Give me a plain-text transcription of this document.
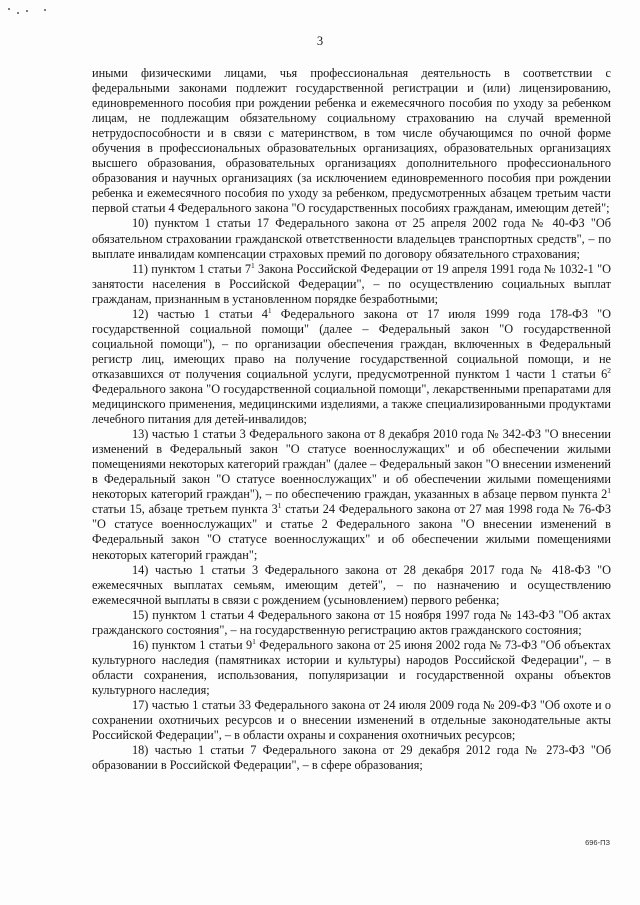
3

иными физическими лицами, чья профессиональная деятельность в соответствии с федеральными законами подлежит государственной регистрации и (или) лицензированию, единовременного пособия при рождении ребенка и ежемесячного пособия по уходу за ребенком лицам, не подлежащим обязательному социальному страхованию на случай временной нетрудоспособности и в связи с материнством, в том числе обучающимся по очной форме обучения в профессиональных образовательных организациях, образовательных организациях высшего образования, образовательных организациях дополнительного профессионального образования и научных организациях (за исключением единовременного пособия при рождении ребенка и ежемесячного пособия по уходу за ребенком, предусмотренных абзацем третьим части первой статьи 4 Федерального закона "О государственных пособиях гражданам, имеющим детей";

10) пунктом 1 статьи 17 Федерального закона от 25 апреля 2002 года № 40-ФЗ "Об обязательном страховании гражданской ответственности владельцев транспортных средств", – по выплате инвалидам компенсации страховых премий по договору обязательного страхования;

11) пунктом 1 статьи $7^1$ Закона Российской Федерации от 19 апреля 1991 года № 1032-1 "О занятости населения в Российской Федерации", – по осуществлению социальных выплат гражданам, признанным в установленном порядке безработными;

12) частью 1 статьи $4^1$ Федерального закона от 17 июля 1999 года 178-ФЗ "О государственной социальной помощи" (далее – Федеральный закон "О государственной социальной помощи"), – по организации обеспечения граждан, включенных в Федеральный регистр лиц, имеющих право на получение государственной социальной помощи, и не отказавшихся от получения социальной услуги, предусмотренной пунктом 1 части 1 статьи $6^2$ Федерального закона "О государственной социальной помощи", лекарственными препаратами для медицинского применения, медицинскими изделиями, а также специализированными продуктами лечебного питания для детей-инвалидов;

13) частью 1 статьи 3 Федерального закона от 8 декабря 2010 года № 342-ФЗ "О внесении изменений в Федеральный закон "О статусе военнослужащих" и об обеспечении жилыми помещениями некоторых категорий граждан" (далее – Федеральный закон "О внесении изменений в Федеральный закон "О статусе военнослужащих" и об обеспечении жилыми помещениями некоторых категорий граждан"), – по обеспечению граждан, указанных в абзаце первом пункта $2^1$ статьи 15, абзаце третьем пункта $3^1$ статьи 24 Федерального закона от 27 мая 1998 года № 76-ФЗ "О статусе военнослужащих" и статье 2 Федерального закона "О внесении изменений в Федеральный закон "О статусе военнослужащих" и об обеспечении жилыми помещениями некоторых категорий граждан";

14) частью 1 статьи 3 Федерального закона от 28 декабря 2017 года № 418-ФЗ "О ежемесячных выплатах семьям, имеющим детей", – по назначению и осуществлению ежемесячной выплаты в связи с рождением (усыновлением) первого ребенка;

15) пунктом 1 статьи 4 Федерального закона от 15 ноября 1997 года № 143-ФЗ "Об актах гражданского состояния", – на государственную регистрацию актов гражданского состояния;

16) пунктом 1 статьи $9^1$ Федерального закона от 25 июня 2002 года № 73-ФЗ "Об объектах культурного наследия (памятниках истории и культуры) народов Российской Федерации", – в области сохранения, использования, популяризации и государственной охраны объектов культурного наследия;

17) частью 1 статьи 33 Федерального закона от 24 июля 2009 года № 209-ФЗ "Об охоте и о сохранении охотничьих ресурсов и о внесении изменений в отдельные законодательные акты Российской Федерации", – в области охраны и сохранения охотничьих ресурсов;

18) частью 1 статьи 7 Федерального закона от 29 декабря 2012 года № 273-ФЗ "Об образовании в Российской Федерации", – в сфере образования;

696-ПЗ
